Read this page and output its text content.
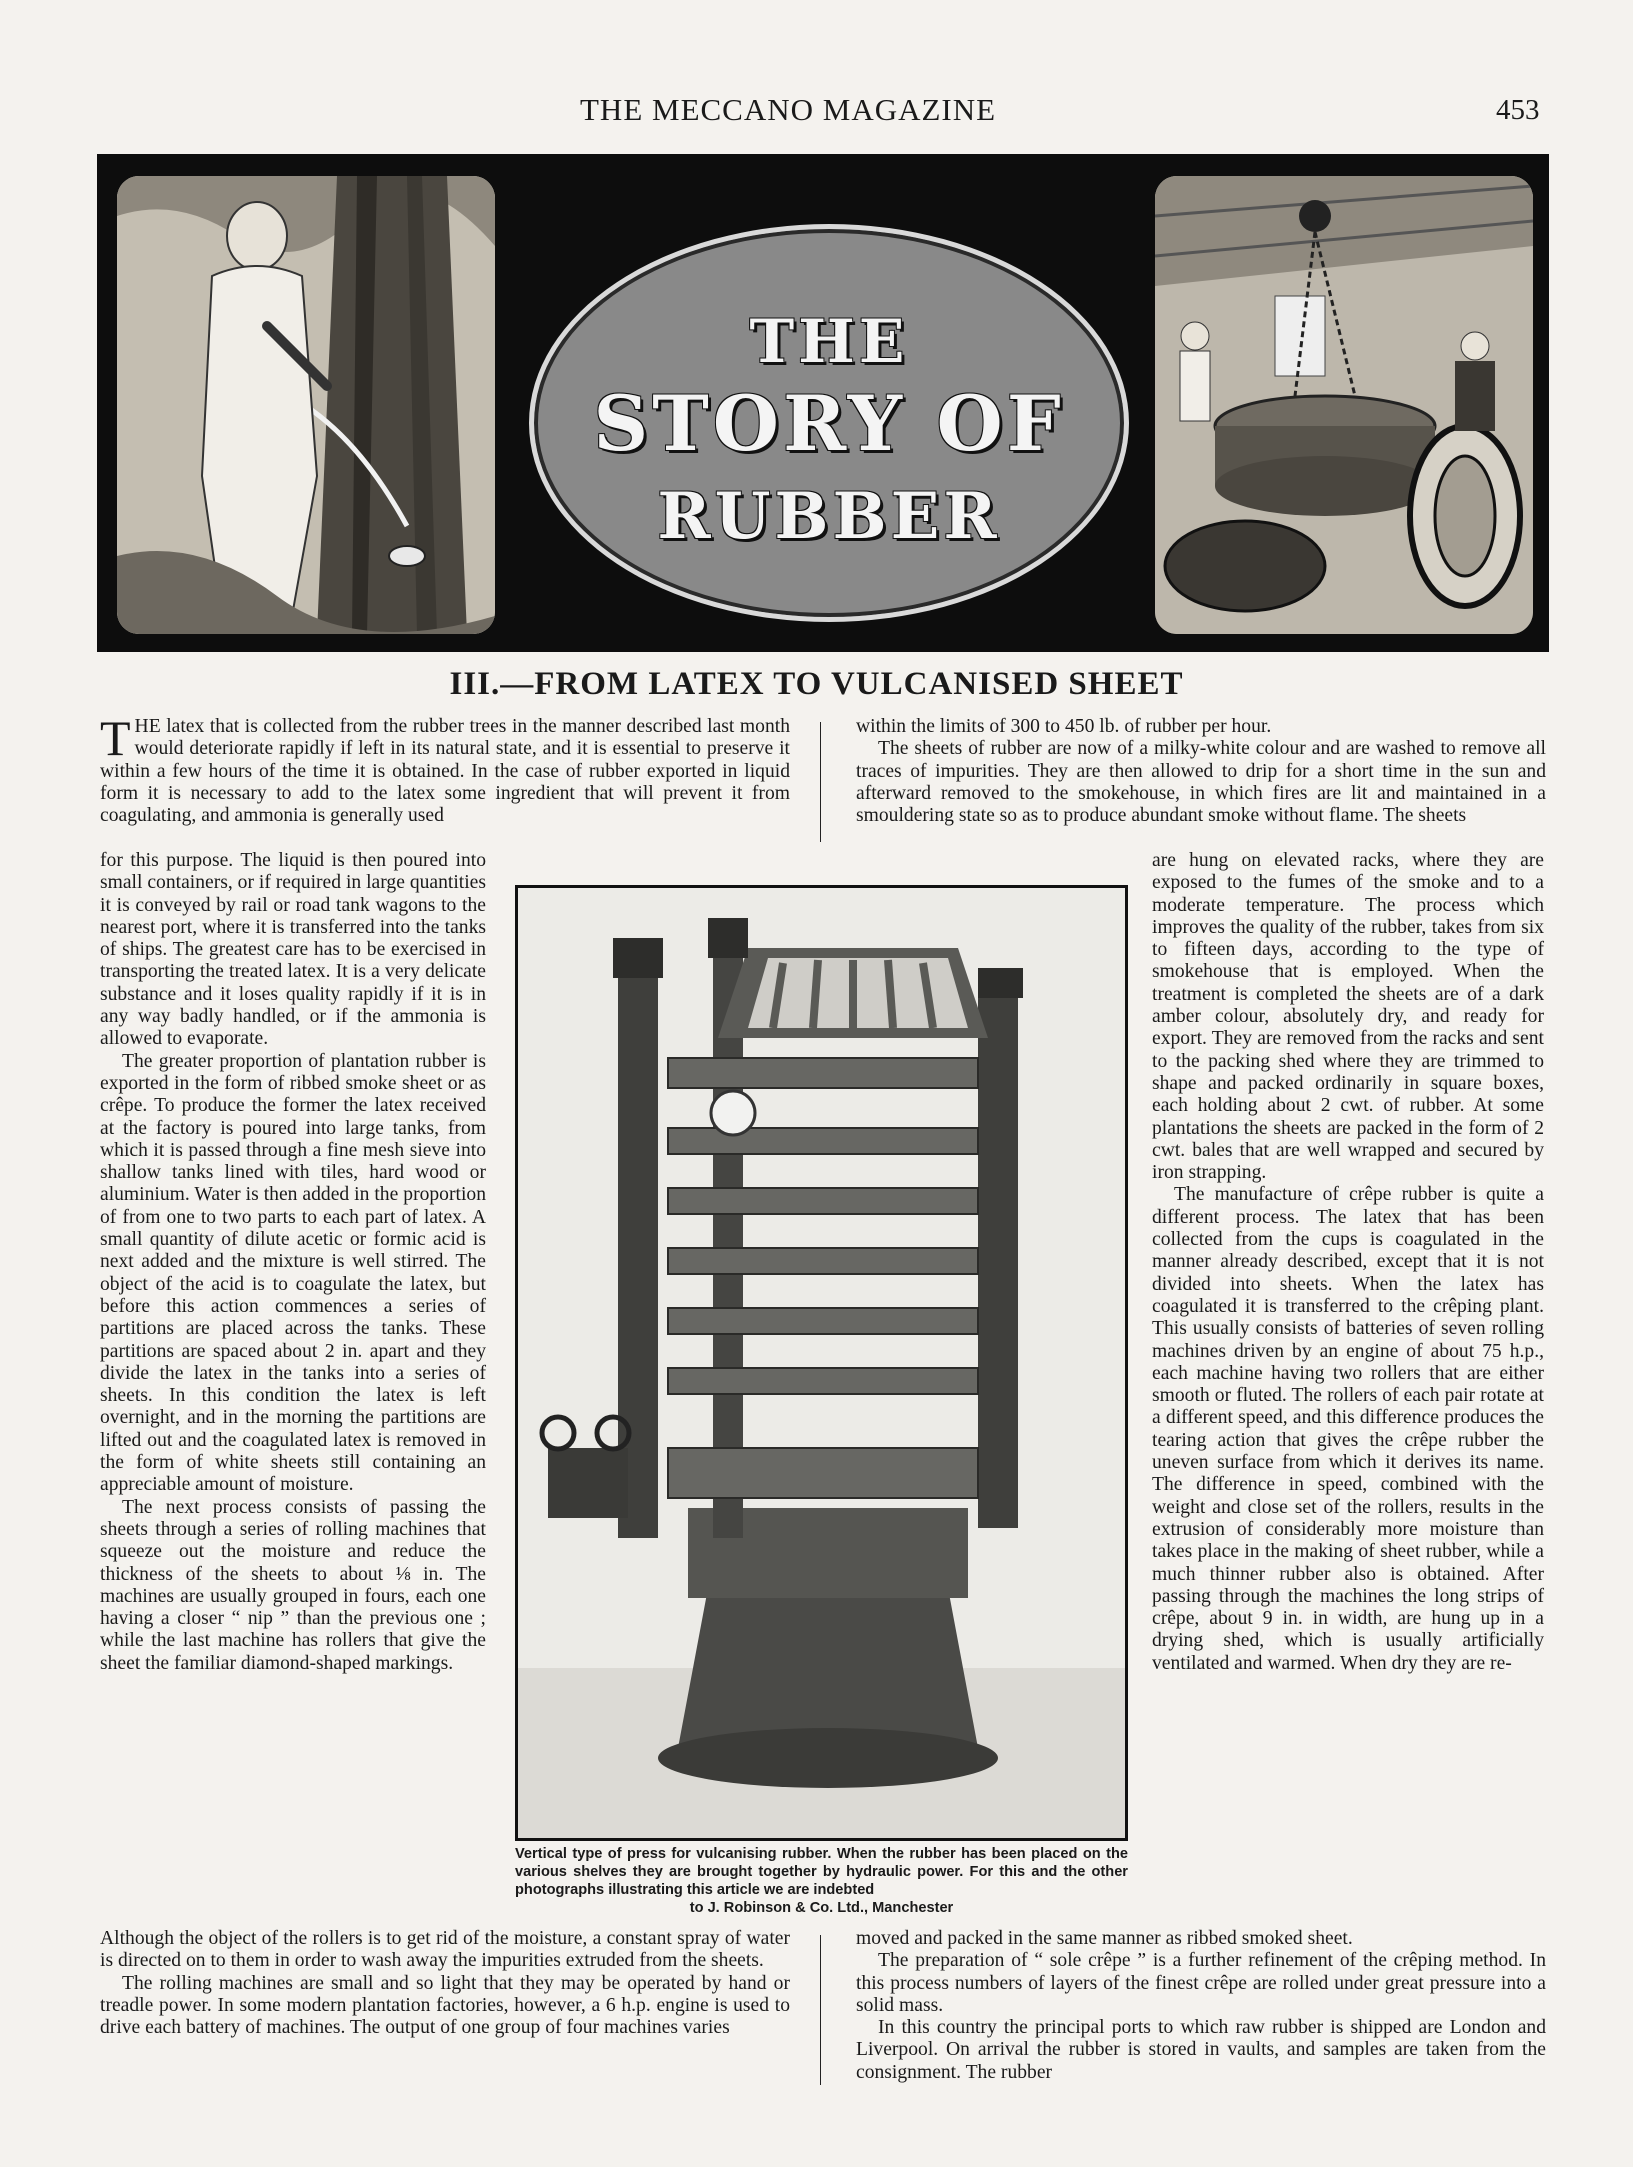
THE MECCANO MAGAZINE	453
THE
STORY OF
RUBBER
III.—FROM LATEX TO VULCANISED SHEET

THE latex that is collected from the rubber trees in the manner described last month would deteriorate rapidly if left in its natural state, and it is essential to preserve it within a few hours of the time it is obtained. In the case of rubber exported in liquid form it is necessary to add to the latex some ingredient that will prevent it from coagulating, and ammonia is generally used

within the limits of 300 to 450 lb. of rubber per hour.

The sheets of rubber are now of a milky-white colour and are washed to remove all traces of impurities. They are then allowed to drip for a short time in the sun and afterward removed to the smokehouse, in which fires are lit and maintained in a smouldering state so as to produce abundant smoke without flame. The sheets

for this purpose. The liquid is then poured into small containers, or if required in large quantities it is conveyed by rail or road tank wagons to the nearest port, where it is transferred into the tanks of ships. The greatest care has to be exercised in transporting the treated latex. It is a very delicate substance and it loses quality rapidly if it is in any way badly handled, or if the ammonia is allowed to evaporate.

The greater proportion of plantation rubber is exported in the form of ribbed smoke sheet or as crêpe. To produce the former the latex received at the factory is poured into large tanks, from which it is passed through a fine mesh sieve into shallow tanks lined with tiles, hard wood or aluminium. Water is then added in the proportion of from one to two parts to each part of latex. A small quantity of dilute acetic or formic acid is next added and the mixture is well stirred. The object of the acid is to coagulate the latex, but before this action commences a series of partitions are placed across the tanks. These partitions are spaced about 2 in. apart and they divide the latex in the tanks into a series of sheets. In this condition the latex is left overnight, and in the morning the partitions are lifted out and the coagulated latex is removed in the form of white sheets still containing an appreciable amount of moisture.

The next process consists of passing the sheets through a series of rolling machines that squeeze out the moisture and reduce the thickness of the sheets to about ⅛ in. The machines are usually grouped in fours, each one having a closer “ nip ” than the previous one ; while the last machine has rollers that give the sheet the familiar diamond-shaped markings.

are hung on elevated racks, where they are exposed to the fumes of the smoke and to a moderate temperature. The process which improves the quality of the rubber, takes from six to fifteen days, according to the type of smokehouse that is employed. When the treatment is completed the sheets are of a dark amber colour, absolutely dry, and ready for export. They are removed from the racks and sent to the packing shed where they are trimmed to shape and packed ordinarily in square boxes, each holding about 2 cwt. of rubber. At some plantations the sheets are packed in the form of 2 cwt. bales that are well wrapped and secured by iron strapping.

The manufacture of crêpe rubber is quite a different process. The latex that has been collected from the cups is coagulated in the manner already described, except that it is not divided into sheets. When the latex has coagulated it is transferred to the crêping plant. This usually consists of batteries of seven rolling machines driven by an engine of about 75 h.p., each machine having two rollers that are either smooth or fluted. The rollers of each pair rotate at a different speed, and this difference produces the tearing action that gives the crêpe rubber the uneven surface from which it derives its name. The difference in speed, combined with the weight and close set of the rollers, results in the extrusion of considerably more moisture than takes place in the making of sheet rubber, while a much thinner rubber also is obtained. After passing through the machines the long strips of crêpe, about 9 in. in width, are hung up in a drying shed, which is usually artificially ventilated and warmed. When dry they are re-

Vertical type of press for vulcanising rubber. When the rubber has been placed on the various shelves they are brought together by hydraulic power. For this and the other photographs illustrating this article we are indebted
to J. Robinson & Co. Ltd., Manchester

Although the object of the rollers is to get rid of the moisture, a constant spray of water is directed on to them in order to wash away the impurities extruded from the sheets.

The rolling machines are small and so light that they may be operated by hand or treadle power. In some modern plantation factories, however, a 6 h.p. engine is used to drive each battery of machines. The output of one group of four machines varies

moved and packed in the same manner as ribbed smoked sheet.

The preparation of “ sole crêpe ” is a further refinement of the crêping method. In this process numbers of layers of the finest crêpe are rolled under great pressure into a solid mass.

In this country the principal ports to which raw rubber is shipped are London and Liverpool. On arrival the rubber is stored in vaults, and samples are taken from the consignment. The rubber
